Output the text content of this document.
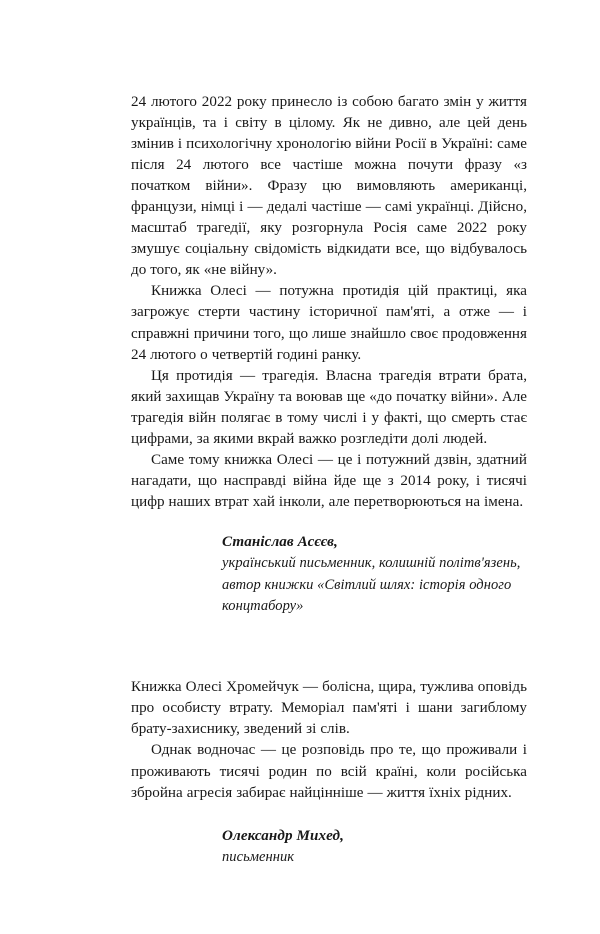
24 лютого 2022 року принесло із собою багато змін у життя українців, та і світу в цілому. Як не дивно, але цей день змінив і психологічну хронологію війни Росії в Україні: саме після 24 лютого все частіше можна почути фразу «з початком війни». Фразу цю вимовляють американці, французи, німці і — дедалі частіше — самі українці. Дійсно, масштаб трагедії, яку розгорнула Росія саме 2022 року змушує соціальну свідомість відкидати все, що відбувалось до того, як «не війну».

Книжка Олесі — потужна протидія цій практиці, яка загрожує стерти частину історичної пам'яті, а отже — і справжні причини того, що лише знайшло своє продовження 24 лютого о четвертій годині ранку.

Ця протидія — трагедія. Власна трагедія втрати брата, який захищав Україну та воював ще «до початку війни». Але трагедія війн полягає в тому числі і у факті, що смерть стає цифрами, за якими вкрай важко розгледіти долі людей.

Саме тому книжка Олесі — це і потужний дзвін, здатний нагадати, що насправді війна йде ще з 2014 року, і тисячі цифр наших втрат хай інколи, але перетворюються на імена.

Станіслав Асєєв,
український письменник, колишній політв'язень, автор книжки «Світлий шлях: історія одного концтабору»

Книжка Олесі Хромейчук — болісна, щира, тужлива оповідь про особисту втрату. Меморіал пам'яті і шани загиблому брату-захиснику, зведений зі слів.

Однак водночас — це розповідь про те, що проживали і проживають тисячі родин по всій країні, коли російська збройна агресія забирає найцінніше — життя їхніх рідних.

Олександр Михед,
письменник
